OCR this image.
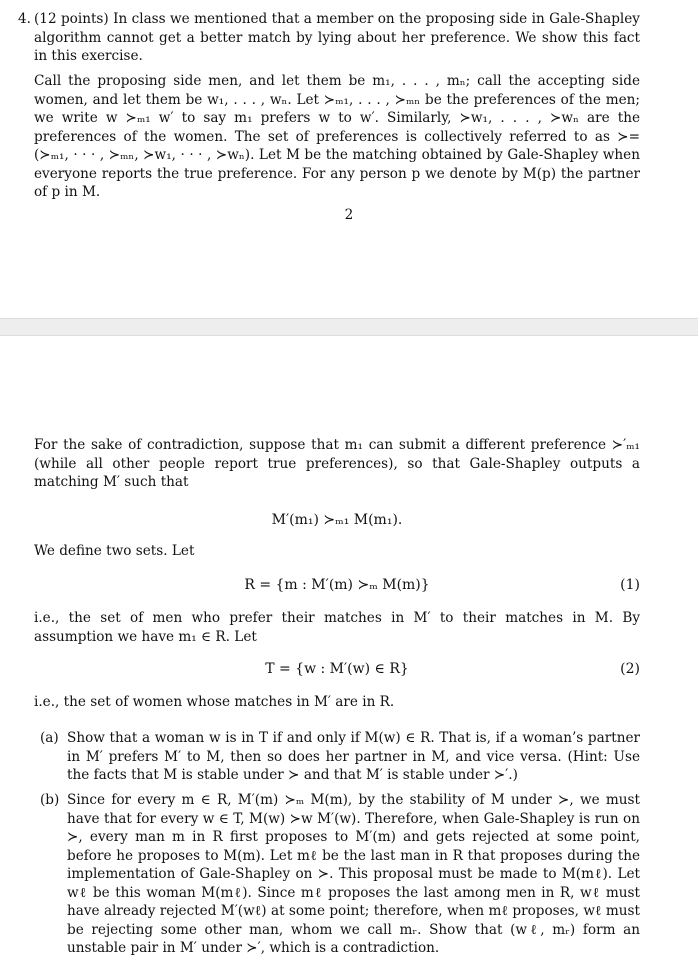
4. (12 points) In class we mentioned that a member on the proposing side in Gale-Shapley algorithm cannot get a better match by lying about her preference. We show this fact in this exercise.

Call the proposing side men, and let them be m₁, . . . , mₙ; call the accepting side women, and let them be w₁, . . . , wₙ. Let ≻ₘ₁, . . . , ≻ₘₙ be the preferences of the men; we write w ≻ₘ₁ w′ to say m₁ prefers w to w′. Similarly, ≻w₁, . . . , ≻wₙ are the preferences of the women. The set of preferences is collectively referred to as ≻= (≻ₘ₁, · · · , ≻ₘₙ, ≻w₁, · · · , ≻wₙ). Let M be the matching obtained by Gale-Shapley when everyone reports the true preference. For any person p we denote by M(p) the partner of p in M.

2

For the sake of contradiction, suppose that m₁ can submit a different preference ≻′ₘ₁ (while all other people report true preferences), so that Gale-Shapley outputs a matching M′ such that

M′(m₁) ≻ₘ₁ M(m₁).

We define two sets. Let

R = {m : M′(m) ≻ₘ M(m)}	(1)

i.e., the set of men who prefer their matches in M′ to their matches in M. By assumption we have m₁ ∈ R. Let

T = {w : M′(w) ∈ R}	(2)

i.e., the set of women whose matches in M′ are in R.

(a) Show that a woman w is in T if and only if M(w) ∈ R. That is, if a woman’s partner in M′ prefers M′ to M, then so does her partner in M, and vice versa. (Hint: Use the facts that M is stable under ≻ and that M′ is stable under ≻′.)

(b) Since for every m ∈ R, M′(m) ≻ₘ M(m), by the stability of M under ≻, we must have that for every w ∈ T, M(w) ≻w M′(w). Therefore, when Gale-Shapley is run on ≻, every man m in R first proposes to M′(m) and gets rejected at some point, before he proposes to M(m). Let mℓ be the last man in R that proposes during the implementation of Gale-Shapley on ≻. This proposal must be made to M(mℓ). Let wℓ be this woman M(mℓ). Since mℓ proposes the last among men in R, wℓ must have already rejected M′(wℓ) at some point; therefore, when mℓ proposes, wℓ must be rejecting some other man, whom we call mᵣ. Show that (wℓ, mᵣ) form an unstable pair in M′ under ≻′, which is a contradiction.
